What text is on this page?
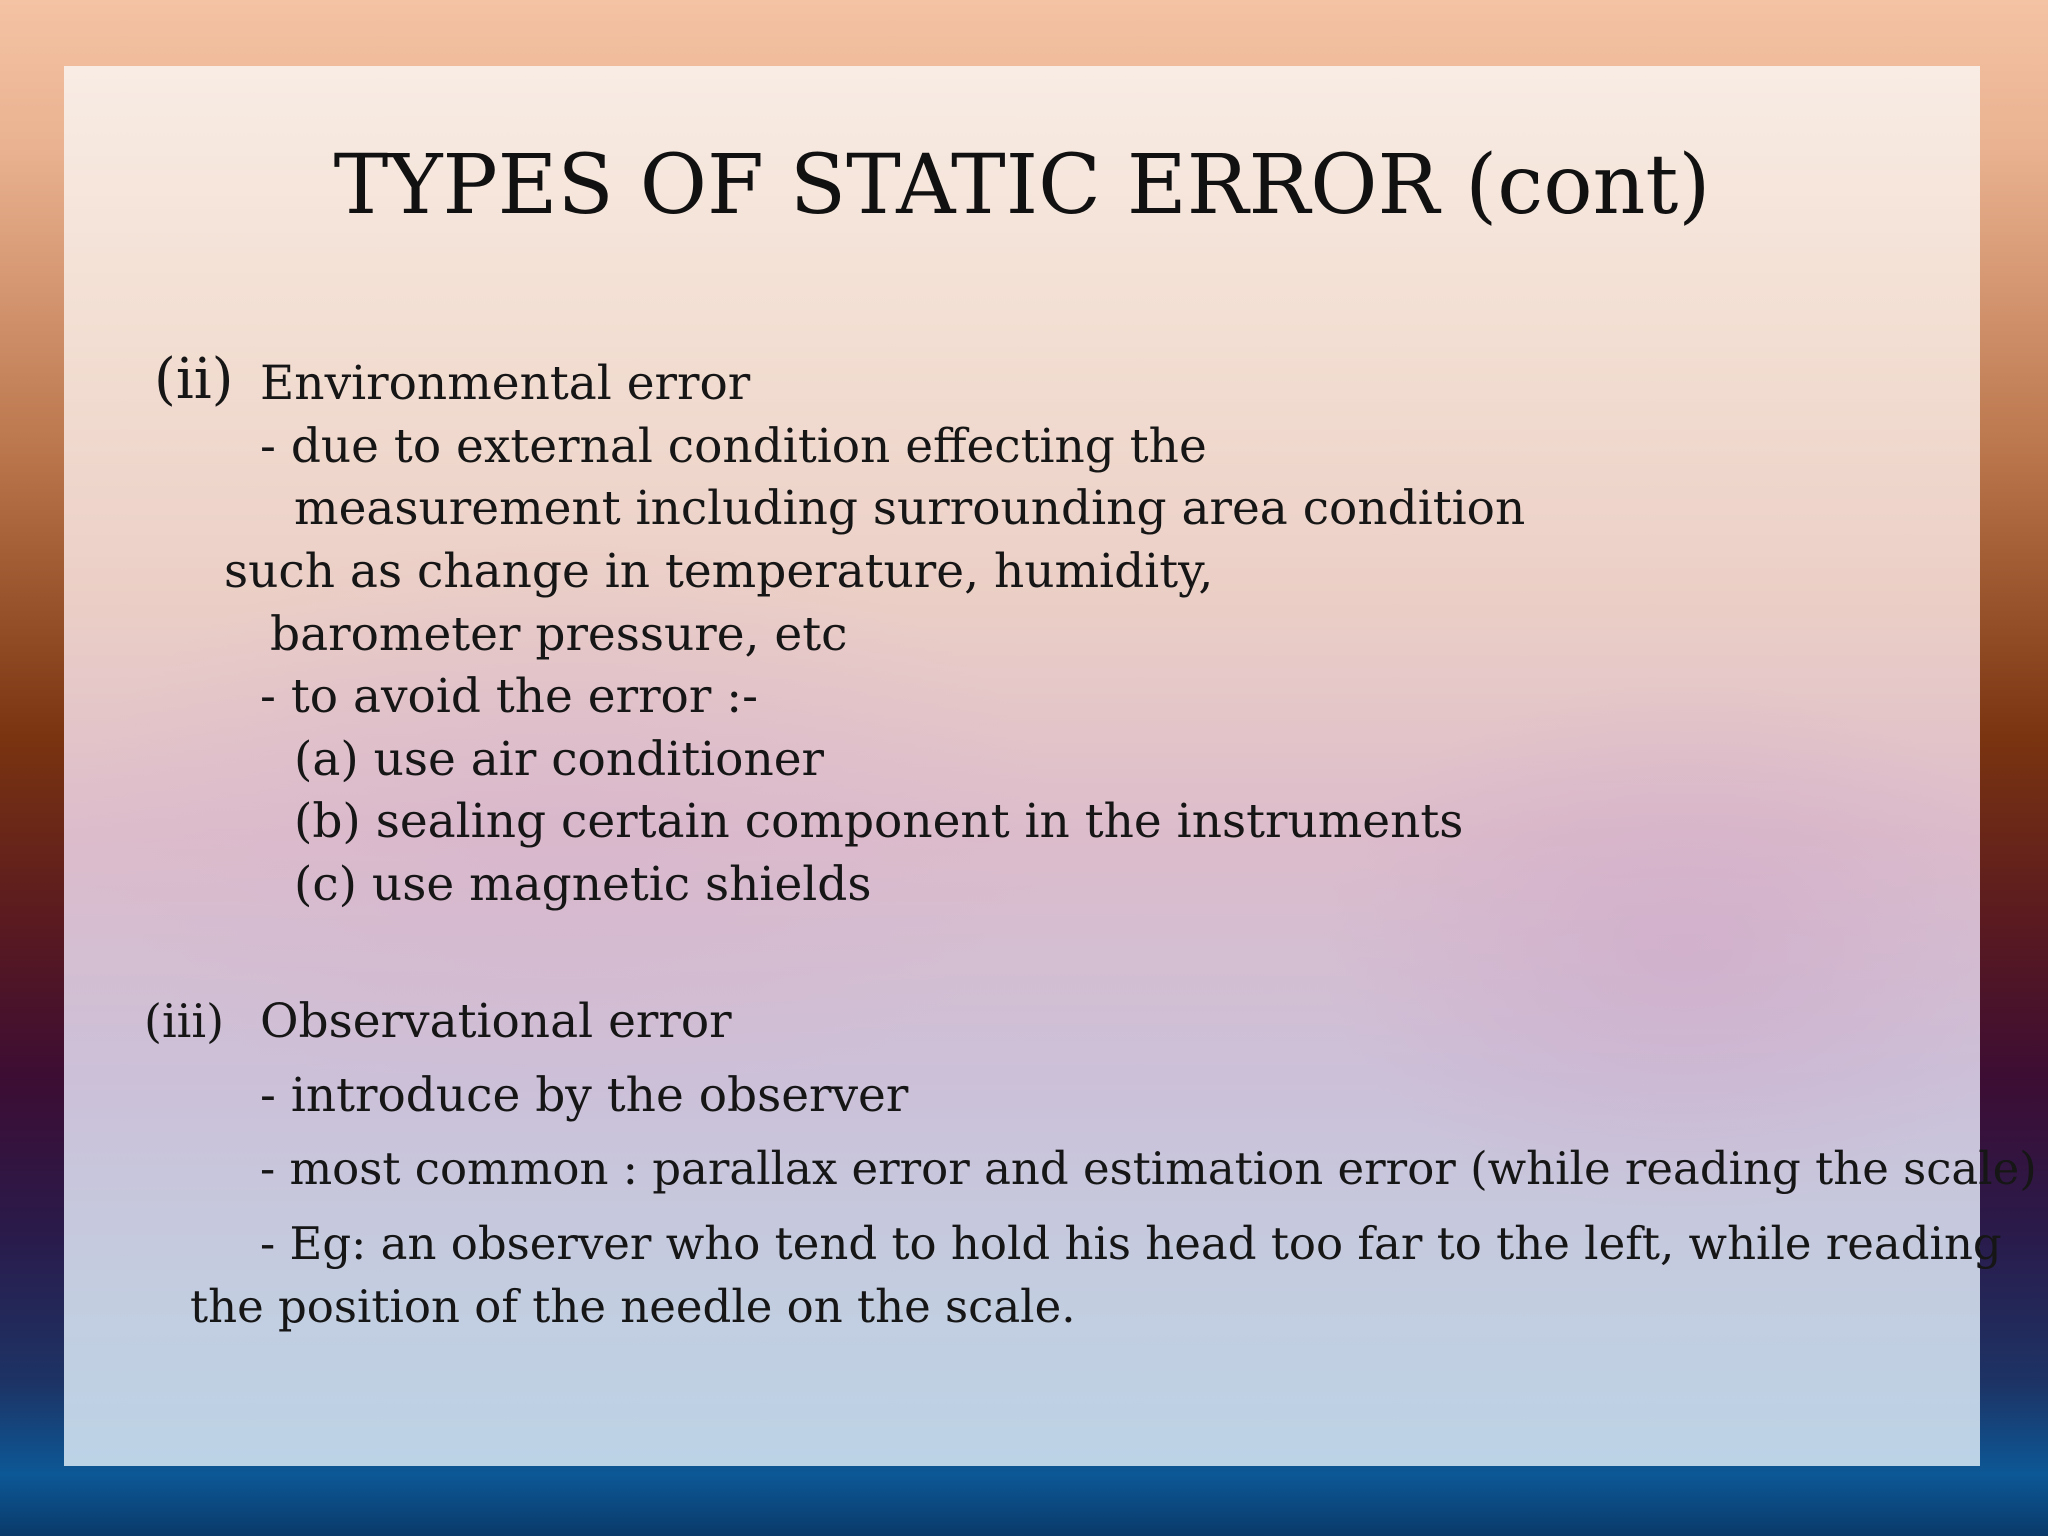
TYPES OF STATIC ERROR (cont)
(ii) Environmental error
- due to external condition effecting the
measurement including surrounding area condition
such as change in temperature, humidity,
barometer pressure, etc
- to avoid the error :-
(a) use air conditioner
(b) sealing certain component in the instruments
(c) use magnetic shields
(iii) Observational error
- introduce by the observer
- most common : parallax error and estimation error (while reading the scale)
- Eg: an observer who tend to hold his head too far to the left, while reading
the position of the needle on the scale.
